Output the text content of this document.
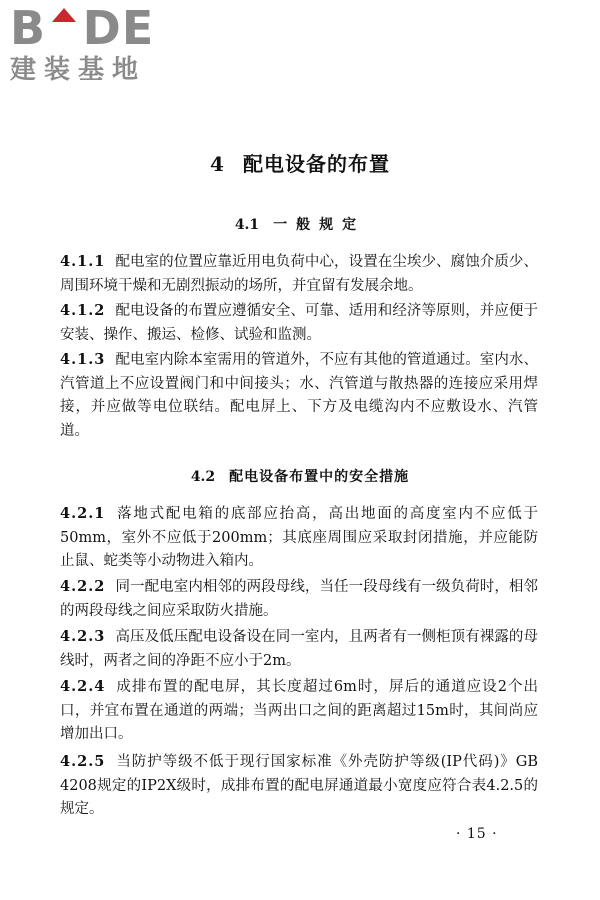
B DE
建装基地
4 配电设备的布置
4.1 一般规定

4.1.1 配电室的位置应靠近用电负荷中心，设置在尘埃少、腐蚀介质少、周围环境干燥和无剧烈振动的场所，并宜留有发展余地。

4.1.2 配电设备的布置应遵循安全、可靠、适用和经济等原则，并应便于安装、操作、搬运、检修、试验和监测。

4.1.3 配电室内除本室需用的管道外，不应有其他的管道通过。室内水、汽管道上不应设置阀门和中间接头；水、汽管道与散热器的连接应采用焊接，并应做等电位联结。配电屏上、下方及电缆沟内不应敷设水、汽管道。

4.2 配电设备布置中的安全措施

4.2.1 落地式配电箱的底部应抬高，高出地面的高度室内不应低于50mm，室外不应低于200mm；其底座周围应采取封闭措施，并应能防止鼠、蛇类等小动物进入箱内。

4.2.2 同一配电室内相邻的两段母线，当任一段母线有一级负荷时，相邻的两段母线之间应采取防火措施。

4.2.3 高压及低压配电设备设在同一室内，且两者有一侧柜顶有裸露的母线时，两者之间的净距不应小于2m。

4.2.4 成排布置的配电屏，其长度超过6m时，屏后的通道应设2个出口，并宜布置在通道的两端；当两出口之间的距离超过15m时，其间尚应增加出口。

4.2.5 当防护等级不低于现行国家标准《外壳防护等级(IP代码)》GB 4208规定的IP2X级时，成排布置的配电屏通道最小宽度应符合表4.2.5的规定。

· 15 ·
